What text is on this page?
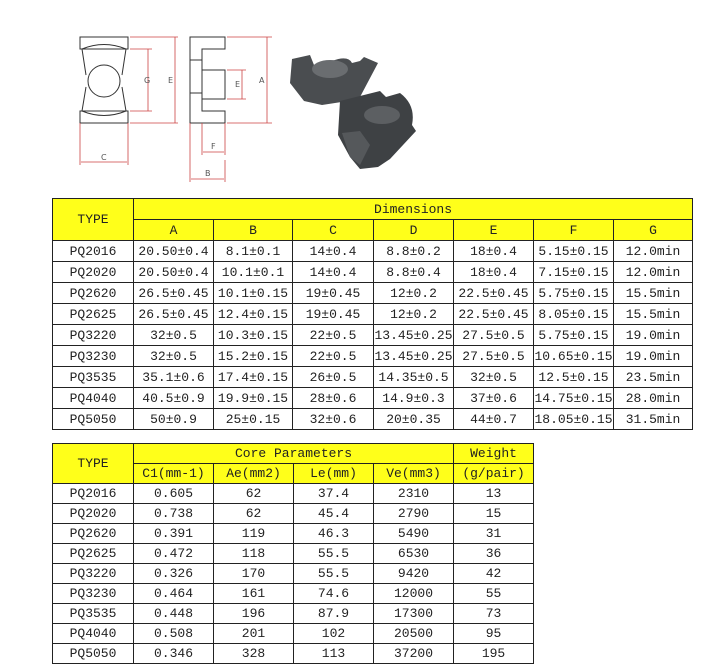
G E	E A
C
F
B
TYPE	Dimensions						
	A	B	C	D	E	F	G
PQ2016	20.50±0.4	8.1±0.1	14±0.4	8.8±0.2	18±0.4	5.15±0.15	12.0min
PQ2020	20.50±0.4	10.1±0.1	14±0.4	8.8±0.4	18±0.4	7.15±0.15	12.0min
PQ2620	26.5±0.45	10.1±0.15	19±0.45	12±0.2	22.5±0.45	5.75±0.15	15.5min
PQ2625	26.5±0.45	12.4±0.15	19±0.45	12±0.2	22.5±0.45	8.05±0.15	15.5min
PQ3220	32±0.5	10.3±0.15	22±0.5	13.45±0.25	27.5±0.5	5.75±0.15	19.0min
PQ3230	32±0.5	15.2±0.15	22±0.5	13.45±0.25	27.5±0.5	10.65±0.15	19.0min
PQ3535	35.1±0.6	17.4±0.15	26±0.5	14.35±0.5	32±0.5	12.5±0.15	23.5min
PQ4040	40.5±0.9	19.9±0.15	28±0.6	14.9±0.3	37±0.6	14.75±0.15	28.0min
PQ5050	50±0.9	25±0.15	32±0.6	20±0.35	44±0.7	18.05±0.15	31.5min
TYPE	Core Parameters				Weight
	C1(mm-1)	Ae(mm2)	Le(mm)	Ve(mm3)	(g/pair)
PQ2016	0.605	62	37.4	2310	13
PQ2020	0.738	62	45.4	2790	15
PQ2620	0.391	119	46.3	5490	31
PQ2625	0.472	118	55.5	6530	36
PQ3220	0.326	170	55.5	9420	42
PQ3230	0.464	161	74.6	12000	55
PQ3535	0.448	196	87.9	17300	73
PQ4040	0.508	201	102	20500	95
PQ5050	0.346	328	113	37200	195
